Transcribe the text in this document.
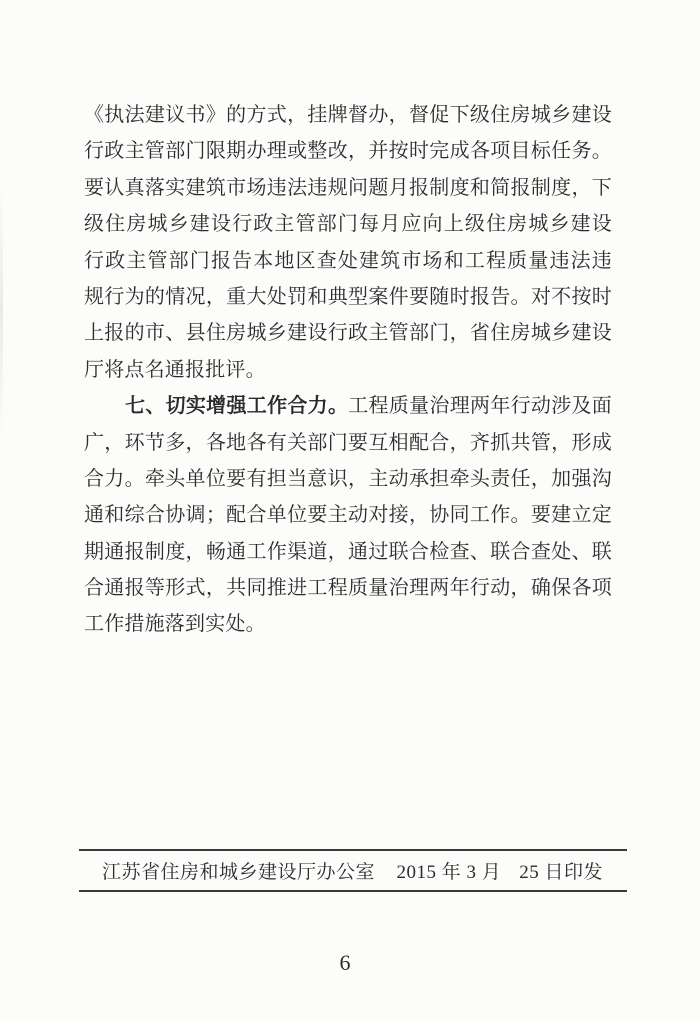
《执法建议书》的方式，挂牌督办，督促下级住房城乡建设

行政主管部门限期办理或整改，并按时完成各项目标任务。

要认真落实建筑市场违法违规问题月报制度和简报制度，下

级住房城乡建设行政主管部门每月应向上级住房城乡建设

行政主管部门报告本地区查处建筑市场和工程质量违法违

规行为的情况，重大处罚和典型案件要随时报告。对不按时

上报的市、县住房城乡建设行政主管部门，省住房城乡建设

厅将点名通报批评。

七、切实增强工作合力。工程质量治理两年行动涉及面

广，环节多，各地各有关部门要互相配合，齐抓共管，形成

合力。牵头单位要有担当意识，主动承担牵头责任，加强沟

通和综合协调；配合单位要主动对接，协同工作。要建立定

期通报制度，畅通工作渠道，通过联合检查、联合查处、联

合通报等形式，共同推进工程质量治理两年行动，确保各项

工作措施落到实处。

江苏省住房和城乡建设厅办公室 2015 年 3 月 25 日印发
6
